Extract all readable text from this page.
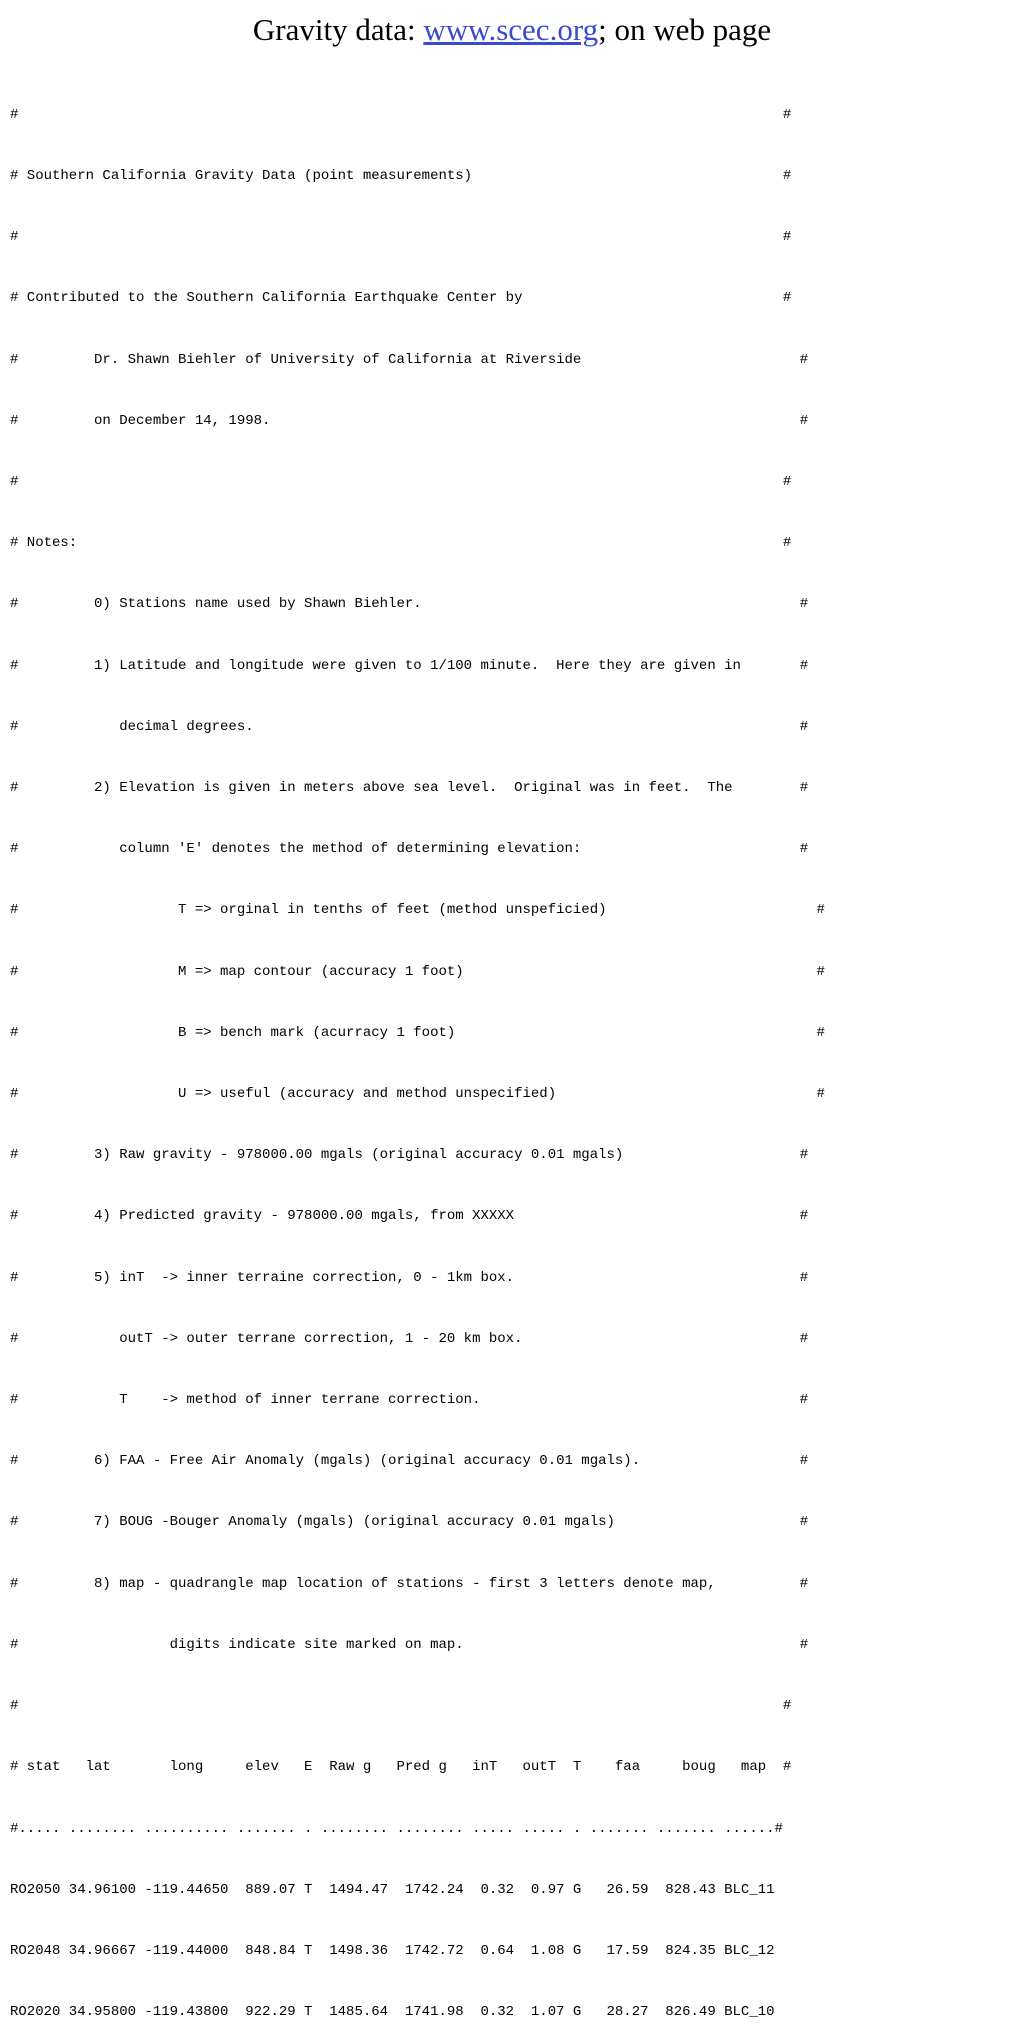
Gravity data: www.scec.org; on web page

#                                                                                           #

# Southern California Gravity Data (point measurements)                                     #

#                                                                                           #

# Contributed to the Southern California Earthquake Center by                               #

#         Dr. Shawn Biehler of University of California at Riverside                          #

#         on December 14, 1998.                                                               #

#                                                                                           #

# Notes:                                                                                    #

#         0) Stations name used by Shawn Biehler.                                             #

#         1) Latitude and longitude were given to 1/100 minute.  Here they are given in       #

#            decimal degrees.                                                                 #

#         2) Elevation is given in meters above sea level.  Original was in feet.  The        #

#            column 'E' denotes the method of determining elevation:                          #

#                   T => orginal in tenths of feet (method unspeficied)                         #

#                   M => map contour (accuracy 1 foot)                                          #

#                   B => bench mark (acurracy 1 foot)                                           #

#                   U => useful (accuracy and method unspecified)                               #

#         3) Raw gravity - 978000.00 mgals (original accuracy 0.01 mgals)                     #

#         4) Predicted gravity - 978000.00 mgals, from XXXXX                                  #

#         5) inT  -> inner terraine correction, 0 - 1km box.                                  #

#            outT -> outer terrane correction, 1 - 20 km box.                                 #

#            T    -> method of inner terrane correction.                                      #

#         6) FAA - Free Air Anomaly (mgals) (original accuracy 0.01 mgals).                   #

#         7) BOUG -Bouger Anomaly (mgals) (original accuracy 0.01 mgals)                      #

#         8) map - quadrangle map location of stations - first 3 letters denote map,          #

#                  digits indicate site marked on map.                                        #

#                                                                                           #

# stat   lat       long     elev   E  Raw g   Pred g   inT   outT  T    faa     boug   map  #

#..... ........ .......... ....... . ........ ........ ..... ..... . ....... ....... ......#

RO2050 34.96100 -119.44650  889.07 T  1494.47  1742.24  0.32  0.97 G   26.59  828.43 BLC_11

RO2048 34.96667 -119.44000  848.84 T  1498.36  1742.72  0.64  1.08 G   17.59  824.35 BLC_12

RO2020 34.95800 -119.43800  922.29 T  1485.64  1741.98  0.32  1.07 G   28.27  826.49 BLC_10
